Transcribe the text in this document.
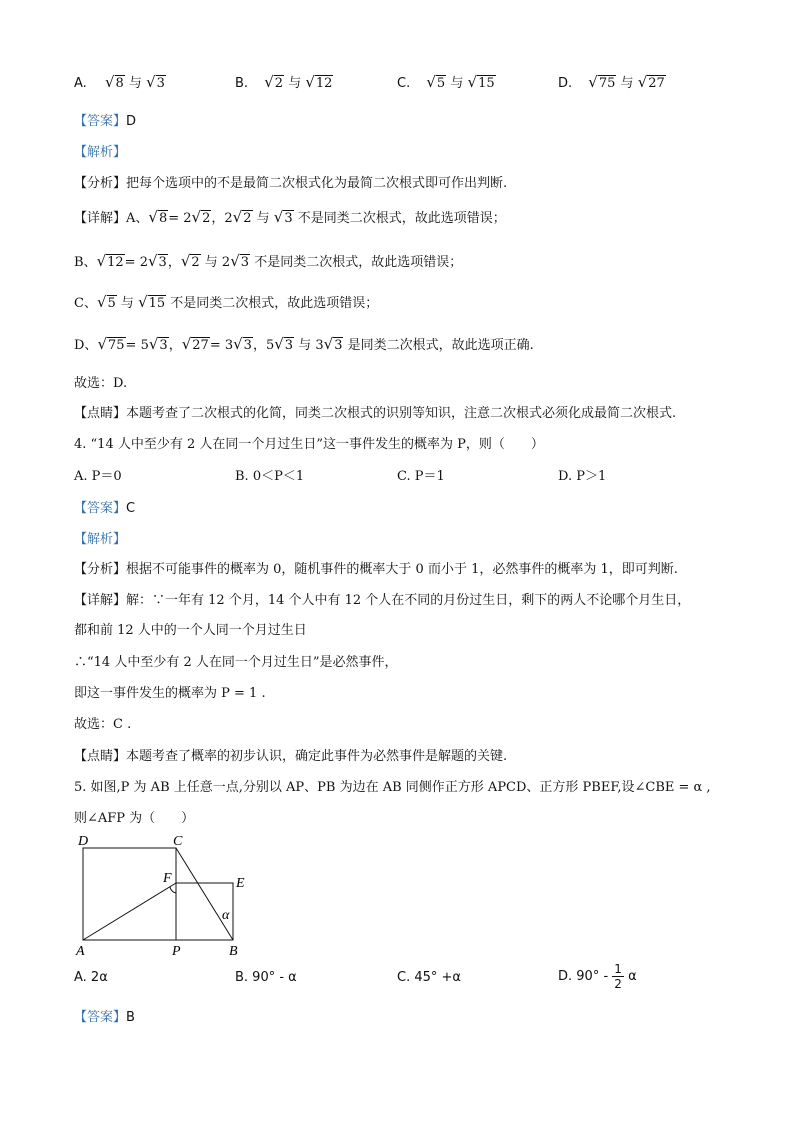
A. √8 与 √3	B. √2 与 √12	C. √5 与 √15	D. √75 与 √27
【答案】D
【解析】
【分析】把每个选项中的不是最简二次根式化为最简二次根式即可作出判断.
【详解】A、√8= 2√2，2√2 与 √3 不是同类二次根式，故此选项错误；
B、√12= 2√3，√2 与 2√3 不是同类二次根式，故此选项错误；
C、√5 与 √15 不是同类二次根式，故此选项错误；
D、√75= 5√3，√27= 3√3，5√3 与 3√3 是同类二次根式，故此选项正确.
故选：D.
【点睛】本题考查了二次根式的化简，同类二次根式的识别等知识，注意二次根式必须化成最简二次根式.
4. “14 人中至少有 2 人在同一个月过生日”这一事件发生的概率为 P，则（　　）
A. P＝0	B. 0＜P＜1	C. P＝1	D. P＞1
【答案】C
【解析】
【分析】根据不可能事件的概率为 0，随机事件的概率大于 0 而小于 1，必然事件的概率为 1，即可判断.
【详解】解：∵一年有 12 个月，14 个人中有 12 个人在不同的月份过生日，剩下的两人不论哪个月生日，
都和前 12 人中的一个人同一个月过生日
∴“14 人中至少有 2 人在同一个月过生日”是必然事件，
即这一事件发生的概率为 P = 1 .
故选：C .
【点睛】本题考查了概率的初步认识，确定此事件为必然事件是解题的关键.
5. 如图,P 为 AB 上任意一点,分别以 AP、PB 为边在 AB 同侧作正方形 APCD、正方形 PBEF,设∠CBE = α ,
则∠AFP 为（　　）
D	C
F	E
α
A	P	B
A. 2α	B. 90° - α	C. 45° +α	D. $90^\circ - \frac{1}{2}$ α
【答案】B
